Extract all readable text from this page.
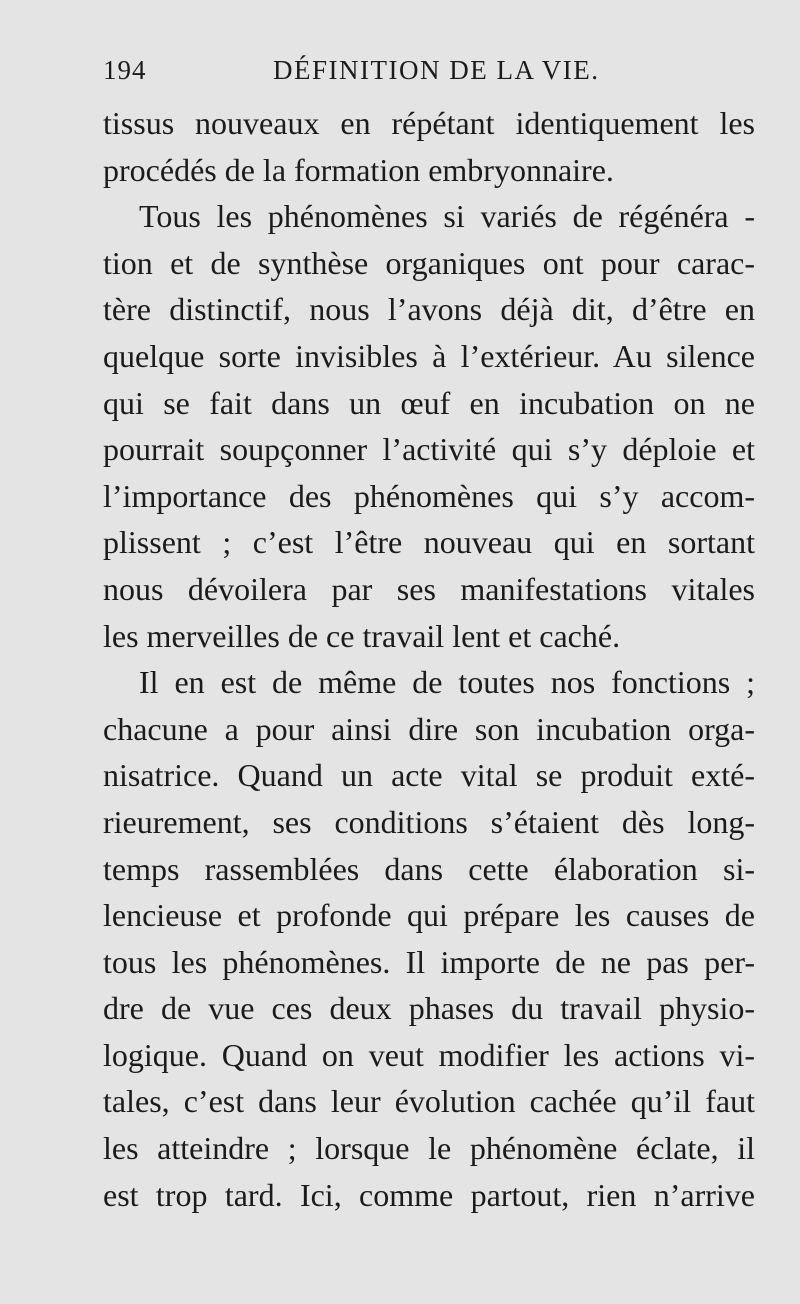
194	DÉFINITION DE LA VIE.
tissus nouveaux en répétant identiquement les
procédés de la formation embryonnaire.
Tous les phénomènes si variés de régénéra -
tion et de synthèse organiques ont pour carac-
tère distinctif, nous l’avons déjà dit, d’être en
quelque sorte invisibles à l’extérieur. Au silence
qui se fait dans un œuf en incubation on ne
pourrait soupçonner l’activité qui s’y déploie et
l’importance des phénomènes qui s’y accom-
plissent ; c’est l’être nouveau qui en sortant
nous dévoilera par ses manifestations vitales
les merveilles de ce travail lent et caché.
Il en est de même de toutes nos fonctions ;
chacune a pour ainsi dire son incubation orga-
nisatrice. Quand un acte vital se produit exté-
rieurement, ses conditions s’étaient dès long-
temps rassemblées dans cette élaboration si-
lencieuse et profonde qui prépare les causes de
tous les phénomènes. Il importe de ne pas per-
dre de vue ces deux phases du travail physio-
logique. Quand on veut modifier les actions vi-
tales, c’est dans leur évolution cachée qu’il faut
les atteindre ; lorsque le phénomène éclate, il
est trop tard. Ici, comme partout, rien n’arrive
